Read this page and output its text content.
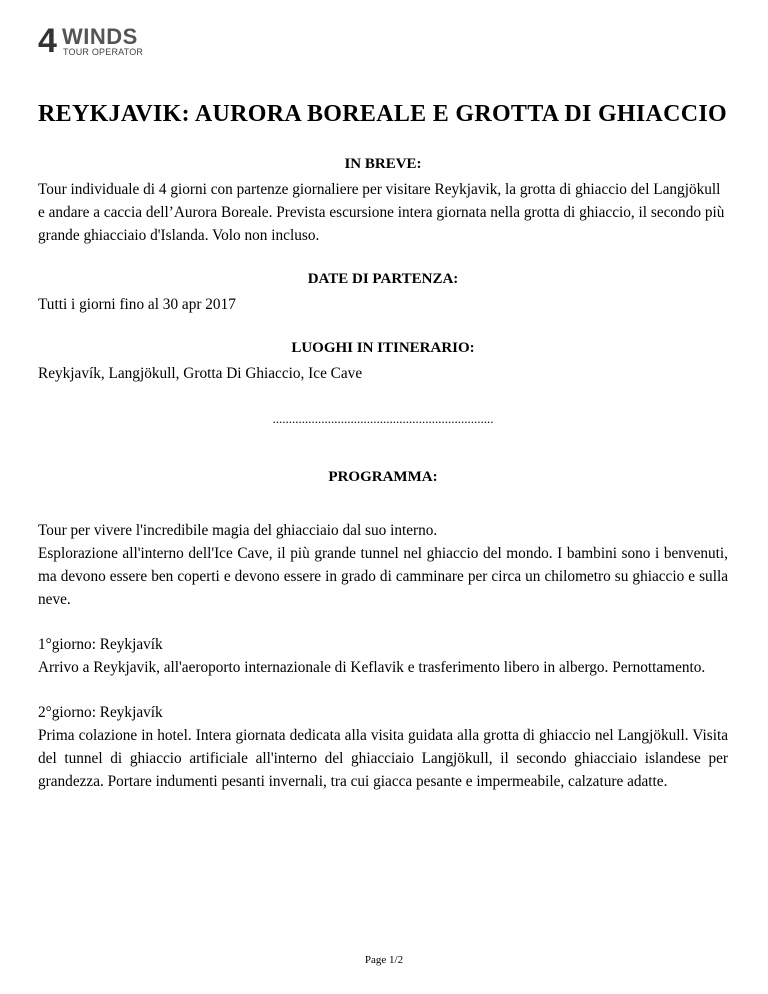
4 WINDS
TOUR OPERATOR
REYKJAVIK: AURORA BOREALE E GROTTA DI GHIACCIO
IN BREVE:

Tour individuale di 4 giorni con partenze giornaliere per visitare Reykjavik, la grotta di ghiaccio del Langjökull e andare a caccia dell’Aurora Boreale. Prevista escursione intera giornata nella grotta di ghiaccio, il secondo più grande ghiacciaio d'Islanda. Volo non incluso.

DATE DI PARTENZA:

Tutti i giorni fino al 30 apr 2017

LUOGHI IN ITINERARIO:

Reykjavík, Langjökull, Grotta Di Ghiaccio, Ice Cave

....................................................................
PROGRAMMA:

Tour per vivere l'incredibile magia del ghiacciaio dal suo interno.

Esplorazione all'interno dell'Ice Cave, il più grande tunnel nel ghiaccio del mondo. I bambini sono i benvenuti, ma devono essere ben coperti e devono essere in grado di camminare per circa un chilometro su ghiaccio e sulla neve.

1°giorno: Reykjavík

Arrivo a Reykjavik, all'aeroporto internazionale di Keflavik e trasferimento libero in albergo. Pernottamento.

2°giorno: Reykjavík

Prima colazione in hotel. Intera giornata dedicata alla visita guidata alla grotta di ghiaccio nel Langjökull. Visita del tunnel di ghiaccio artificiale all'interno del ghiacciaio Langjökull, il secondo ghiacciaio islandese per grandezza. Portare indumenti pesanti invernali, tra cui giacca pesante e impermeabile, calzature adatte.

Page 1/2
